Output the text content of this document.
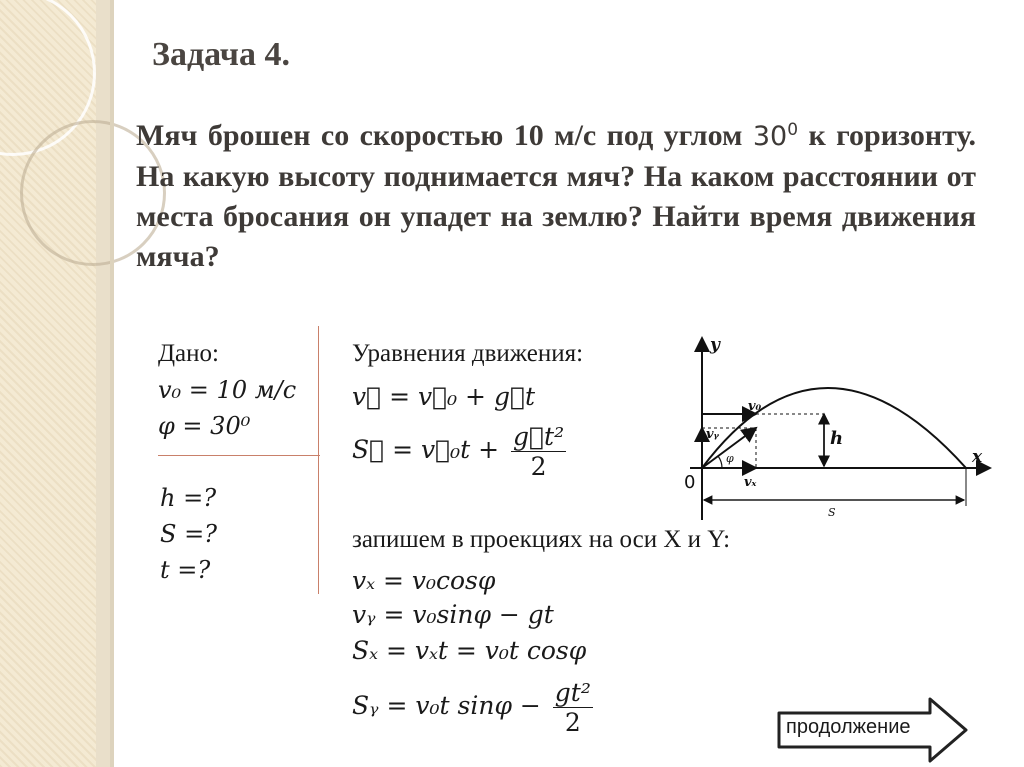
Задача 4.
Мяч брошен со скоростью 10 м/с под углом $30^0$ к горизонту. На какую высоту поднимается мяч? На каком расстоянии от места бросания он упадет на землю? Найти время движения мяча?
Дано:
v₀ = 10 м/с
φ = 30⁰
h =?
S =?
t =?
Уравнения движения:
v⃗ = v⃗₀ + g⃗t
S⃗ = v⃗₀t + $\frac{\text{g⃗t²}}{2}$
запишем в проекциях на оси X и Y:
vₓ = v₀cosφ
vᵧ = v₀sinφ − gt
Sₓ = vₓt = v₀t cosφ
Sᵧ = v₀t $\sin\varphi - \frac{\text{gt²}}{2}$
y
x
0
h
S
v₀
vᵧ
vₓ
φ
продолжение
